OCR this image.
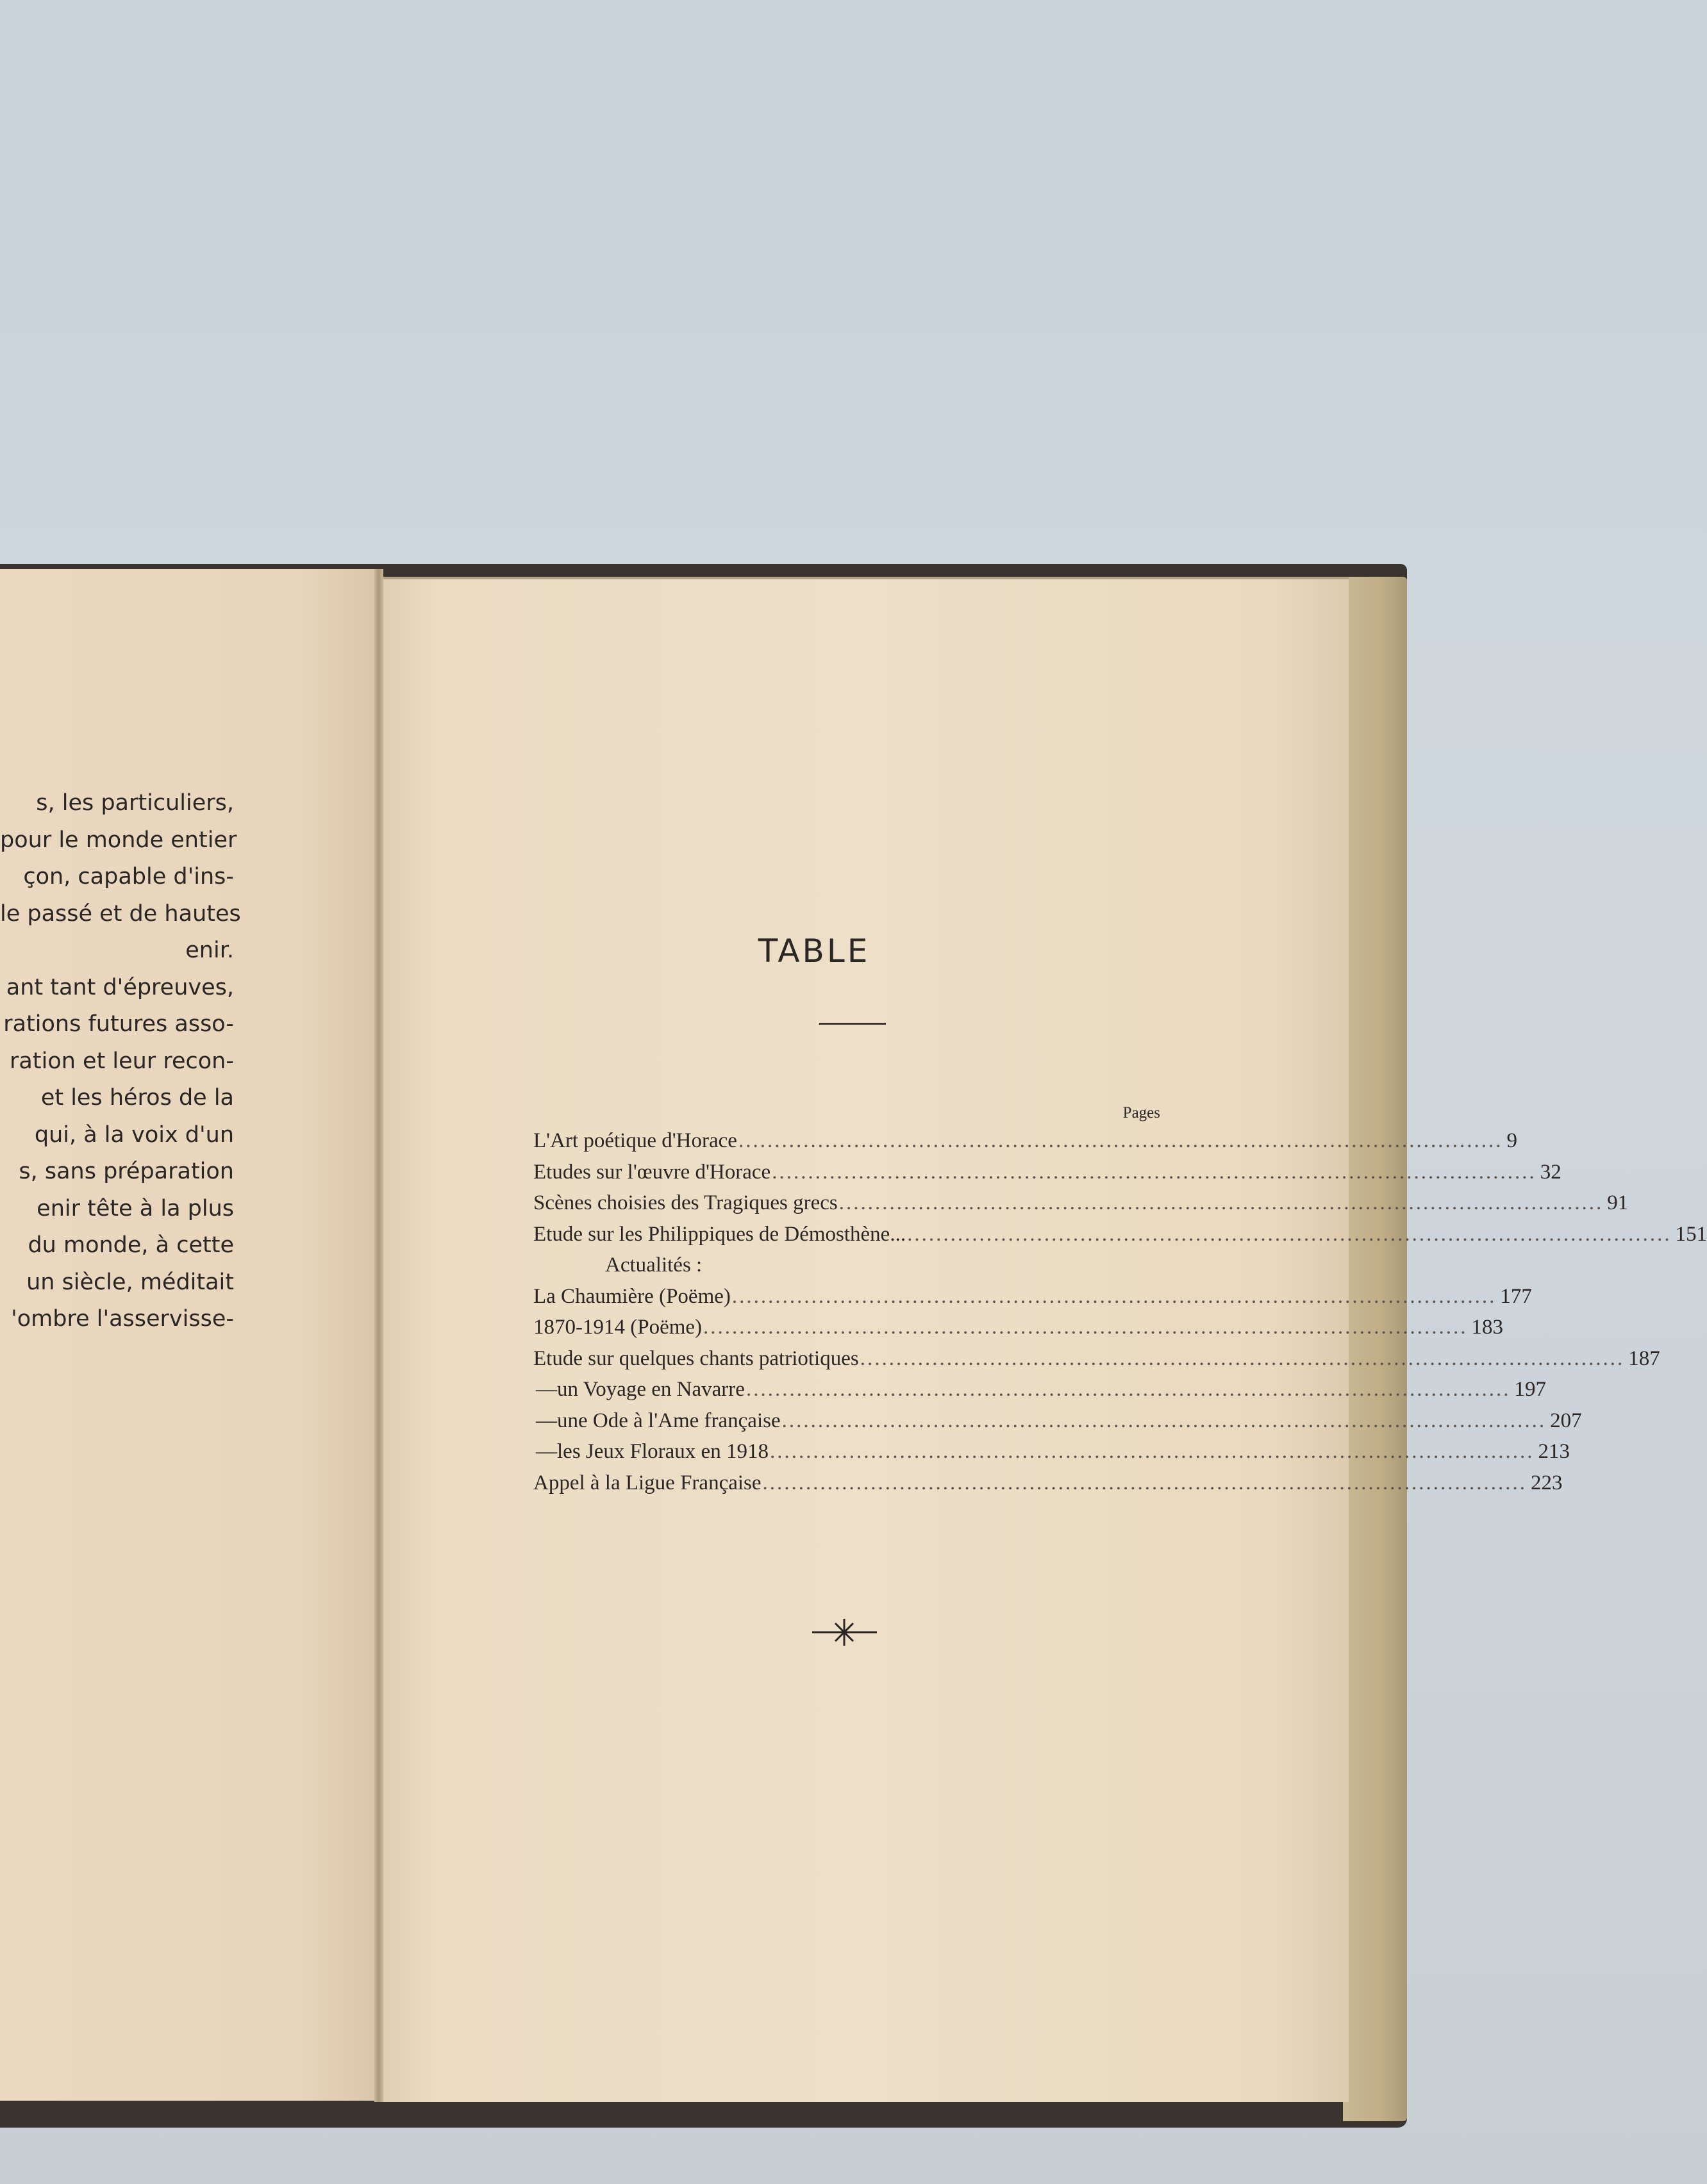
s, les particuliers,
pour le monde entier
çon, capable d'ins-
le passé et de hautes
enir.
ant tant d'épreuves,
rations futures asso-
ration et leur recon-
et les héros de la
qui, à la voix d'un
s, sans préparation
enir tête à la plus
du monde, à cette
un siècle, méditait
'ombre l'asservisse-
TABLE
Pages
L'Art poétique d'Horace .......................................................................................................... 9
Etudes sur l'œuvre d'Horace .......................................................................................................... 32
Scènes choisies des Tragiques grecs .......................................................................................................... 91
Etude sur les Philippiques de Démosthène... .......................................................................................................... 151
Actualités :
La Chaumière (Poëme) .......................................................................................................... 177
1870-1914 (Poëme) .......................................................................................................... 183
Etude sur quelques chants patriotiques .......................................................................................................... 187
— un Voyage en Navarre .......................................................................................................... 197
— une Ode à l'Ame française .......................................................................................................... 207
— les Jeux Floraux en 1918 .......................................................................................................... 213
Appel à la Ligue Française .......................................................................................................... 223
